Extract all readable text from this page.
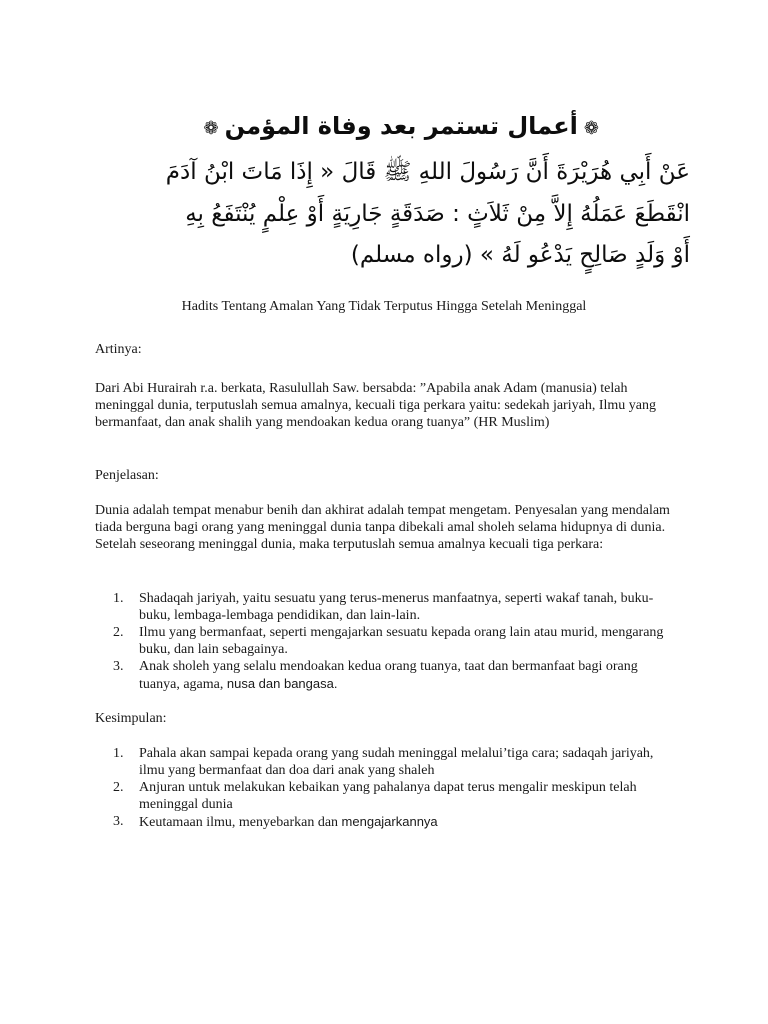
❁أعمال تستمر بعد وفاة المؤمن❁
عَنْ أَبِي هُرَيْرَةَ أَنَّ رَسُولَ اللهِ ﷺ قَالَ « إِذَا مَاتَ ابْنُ آدَمَ
انْقَطَعَ عَمَلُهُ إِلاَّ مِنْ ثَلاَثٍ : صَدَقَةٍ جَارِيَةٍ أَوْ عِلْمٍ يُنْتَفَعُ بِهِ
أَوْ وَلَدٍ صَالِحٍ يَدْعُو لَهُ » (رواه مسلم)
Hadits Tentang Amalan Yang Tidak Terputus Hingga Setelah Meninggal
Artinya:
Dari Abi Hurairah r.a. berkata, Rasulullah Saw. bersabda: ”Apabila anak Adam (manusia) telah meninggal dunia, terputuslah semua amalnya, kecuali tiga perkara yaitu: sedekah jariyah, Ilmu yang bermanfaat, dan anak shalih yang mendoakan kedua orang tuanya” (HR Muslim)
Penjelasan:
Dunia adalah tempat menabur benih dan akhirat adalah tempat mengetam. Penyesalan yang mendalam tiada berguna bagi orang yang meninggal dunia tanpa dibekali amal sholeh selama hidupnya di dunia. Setelah seseorang meninggal dunia, maka terputuslah semua amalnya kecuali tiga perkara:
1. Shadaqah jariyah, yaitu sesuatu yang terus-menerus manfaatnya, seperti wakaf tanah, buku-buku, lembaga-lembaga pendidikan, dan lain-lain.
2. Ilmu yang bermanfaat, seperti mengajarkan sesuatu kepada orang lain atau murid, mengarang buku, dan lain sebagainya.
3. Anak sholeh yang selalu mendoakan kedua orang tuanya, taat dan bermanfaat bagi orang tuanya, agama, nusa dan bangasa.
Kesimpulan:
1. Pahala akan sampai kepada orang yang sudah meninggal melalui’tiga cara; sadaqah jariyah, ilmu yang bermanfaat dan doa dari anak yang shaleh
2. Anjuran untuk melakukan kebaikan yang pahalanya dapat terus mengalir meskipun telah meninggal dunia
3. Keutamaan ilmu, menyebarkan dan mengajarkannya
